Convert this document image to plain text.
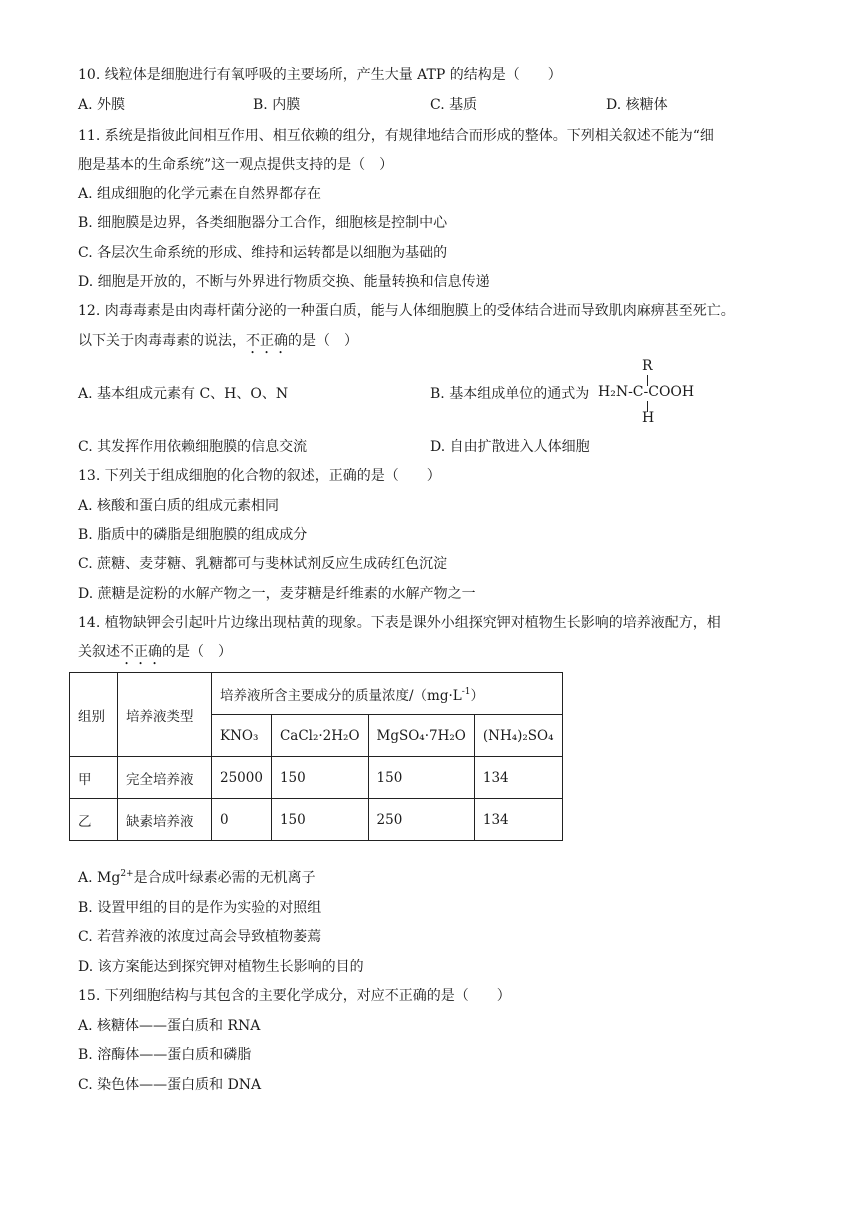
10. 线粒体是细胞进行有氧呼吸的主要场所，产生大量 ATP 的结构是（　　）
A. 外膜	B. 内膜	C. 基质	D. 核糖体
11. 系统是指彼此间相互作用、相互依赖的组分，有规律地结合而形成的整体。下列相关叙述不能为“细
胞是基本的生命系统”这一观点提供支持的是（　）
A. 组成细胞的化学元素在自然界都存在
B. 细胞膜是边界，各类细胞器分工合作，细胞核是控制中心
C. 各层次生命系统的形成、维持和运转都是以细胞为基础的
D. 细胞是开放的，不断与外界进行物质交换、能量转换和信息传递
12. 肉毒毒素是由肉毒杆菌分泌的一种蛋白质，能与人体细胞膜上的受体结合进而导致肌肉麻痹甚至死亡。
以下关于肉毒毒素的说法，不正确的是（　）
A. 基本组成元素有 C、H、O、N	B. 基本组成单位的通式为
R
H₂N-C-COOH
H
C. 其发挥作用依赖细胞膜的信息交流	D. 自由扩散进入人体细胞
13. 下列关于组成细胞的化合物的叙述，正确的是（　　）
A. 核酸和蛋白质的组成元素相同
B. 脂质中的磷脂是细胞膜的组成成分
C. 蔗糖、麦芽糖、乳糖都可与斐林试剂反应生成砖红色沉淀
D. 蔗糖是淀粉的水解产物之一，麦芽糖是纤维素的水解产物之一
14. 植物缺钾会引起叶片边缘出现枯黄的现象。下表是课外小组探究钾对植物生长影响的培养液配方，相
关叙述不正确的是（　）
组别	培养液类型	培养液所含主要成分的质量浓度$/(mg\cdot L^{-1})$			
		KNO₃	CaCl₂·2H₂O	MgSO₄·7H₂O	(NH₄)₂SO₄
甲	完全培养液	25000	150	150	134
乙	缺素培养液	0	150	250	134
A. $Mg^{2+}$是合成叶绿素必需的无机离子
B. 设置甲组的目的是作为实验的对照组
C. 若营养液的浓度过高会导致植物萎蔫
D. 该方案能达到探究钾对植物生长影响的目的
15. 下列细胞结构与其包含的主要化学成分，对应不正确的是（　　）
A. 核糖体——蛋白质和 RNA
B. 溶酶体——蛋白质和磷脂
C. 染色体——蛋白质和 DNA
